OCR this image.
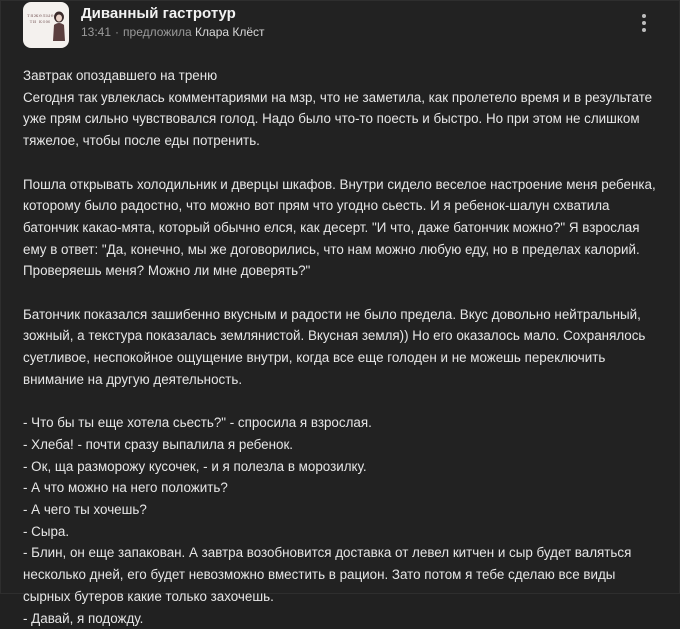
тяжелые ти ком Диванный гастротур
13:41 · предложила Клара Клёст

Завтрак опоздавшего на треню

Сегодня так увлеклась комментариями на мзр, что не заметила, как пролетело время и в результате уже прям сильно чувствовался голод. Надо было что-то поесть и быстро. Но при этом не слишком тяжелое, чтобы после еды потренить.

Пошла открывать холодильник и дверцы шкафов. Внутри сидело веселое настроение меня ребенка, которому было радостно, что можно вот прям что угодно сьесть. И я ребенок-шалун схватила батончик какао-мята, который обычно елся, как десерт. "И что, даже батончик можно?" Я взрослая ему в ответ: "Да, конечно, мы же договорились, что нам можно любую еду, но в пределах калорий. Проверяешь меня? Можно ли мне доверять?"

Батончик показался зашибенно вкусным и радости не было предела. Вкус довольно нейтральный, зожный, а текстура показалась землянистой. Вкусная земля)) Но его оказалось мало. Сохранялось суетливое, неспокойное ощущение внутри, когда все еще голоден и не можешь переключить внимание на другую деятельность.

- Что бы ты еще хотела сьесть?" - спросила я взрослая.
- Хлеба! - почти сразу выпалила я ребенок.
- Ок, ща разморожу кусочек, - и я полезла в морозилку.
- А что можно на него положить?
- А чего ты хочешь?
- Сыра.
- Блин, он еще запакован. А завтра возобновится доставка от левел китчен и сыр будет валяться несколько дней, его будет невозможно вместить в рацион. Зато потом я тебе сделаю все виды сырных бутеров какие только захочешь.
- Давай, я подожду.
